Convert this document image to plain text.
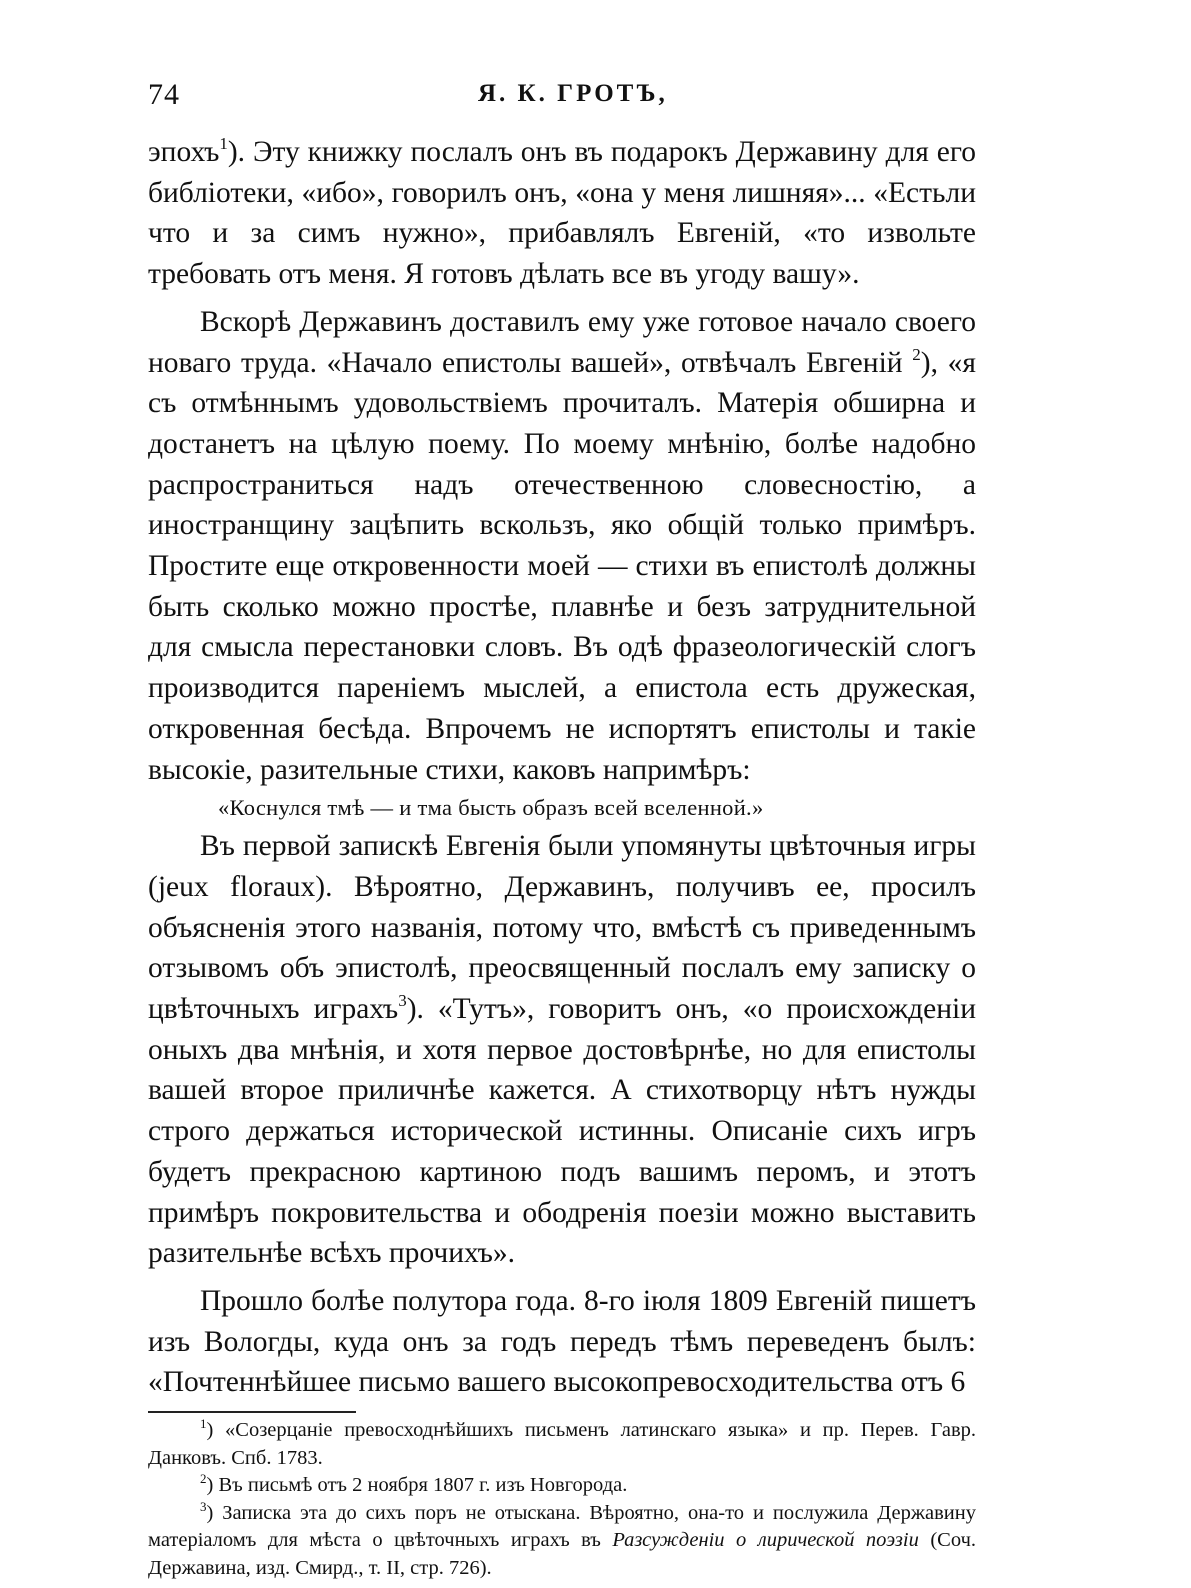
74	Я. К. ГРОТЪ,

эпохъ$^1$). Эту книжку послалъ онъ въ подарокъ Державину для его библіотеки, «ибо», говорилъ онъ, «она у меня лишняя»... «Естьли что и за симъ нужно», прибавлялъ Евгеній, «то извольте требовать отъ меня. Я готовъ дѣлать все въ угоду вашу».

Вскорѣ Державинъ доставилъ ему уже готовое начало своего новаго труда. «Начало епистолы вашей», отвѣчалъ Евгеній $^2$), «я съ отмѣннымъ удовольствіемъ прочиталъ. Матерія обширна и достанетъ на цѣлую поему. По моему мнѣнію, болѣе надобно распространиться надъ отечественною словесностію, а иностранщину зацѣпить вскользъ, яко общій только примѣръ. Простите еще откровенности моей — стихи въ епистолѣ должны быть сколько можно простѣе, плавнѣе и безъ затруднительной для смысла перестановки словъ. Въ одѣ фразеологическій слогъ производится пареніемъ мыслей, а епистола есть дружеская, откровенная бесѣда. Впрочемъ не испортятъ епистолы и такіе высокіе, разительные стихи, каковъ напримѣръ:

«Коснулся тмѣ — и тма бысть образъ всей вселенной.»

Въ первой запискѣ Евгенія были упомянуты цвѣточныя игры (jeux floraux). Вѣроятно, Державинъ, получивъ ее, просилъ объясненія этого названія, потому что, вмѣстѣ съ приведеннымъ отзывомъ объ эпистолѣ, преосвященный послалъ ему записку о цвѣточныхъ играхъ$^3$). «Тутъ», говоритъ онъ, «о происхожденіи оныхъ два мнѣнія, и хотя первое достовѣрнѣе, но для епистолы вашей второе приличнѣе кажется. А стихотворцу нѣтъ нужды строго держаться исторической истинны. Описаніе сихъ игръ будетъ прекрасною картиною подъ вашимъ перомъ, и этотъ примѣръ покровительства и ободренія поезіи можно выставить разительнѣе всѣхъ прочихъ».

Прошло болѣе полутора года. 8-го іюля 1809 Евгеній пишетъ изъ Вологды, куда онъ за годъ передъ тѣмъ переведенъ былъ: «Почтеннѣйшее письмо вашего высокопревосходительства отъ 6

$^1$) «Созерцаніе превосходнѣйшихъ письменъ латинскаго языка» и пр. Перев. Гавр. Данковъ. Спб. 1783.

$^2$) Въ письмѣ отъ 2 ноября 1807 г. изъ Новгорода.

$^3$) Записка эта до сихъ поръ не отыскана. Вѣроятно, она-то и послужила Державину матеріаломъ для мѣста о цвѣточныхъ играхъ въ Разсужденіи о лирической поэзіи (Соч. Державина, изд. Смирд., т. II, стр. 726).
